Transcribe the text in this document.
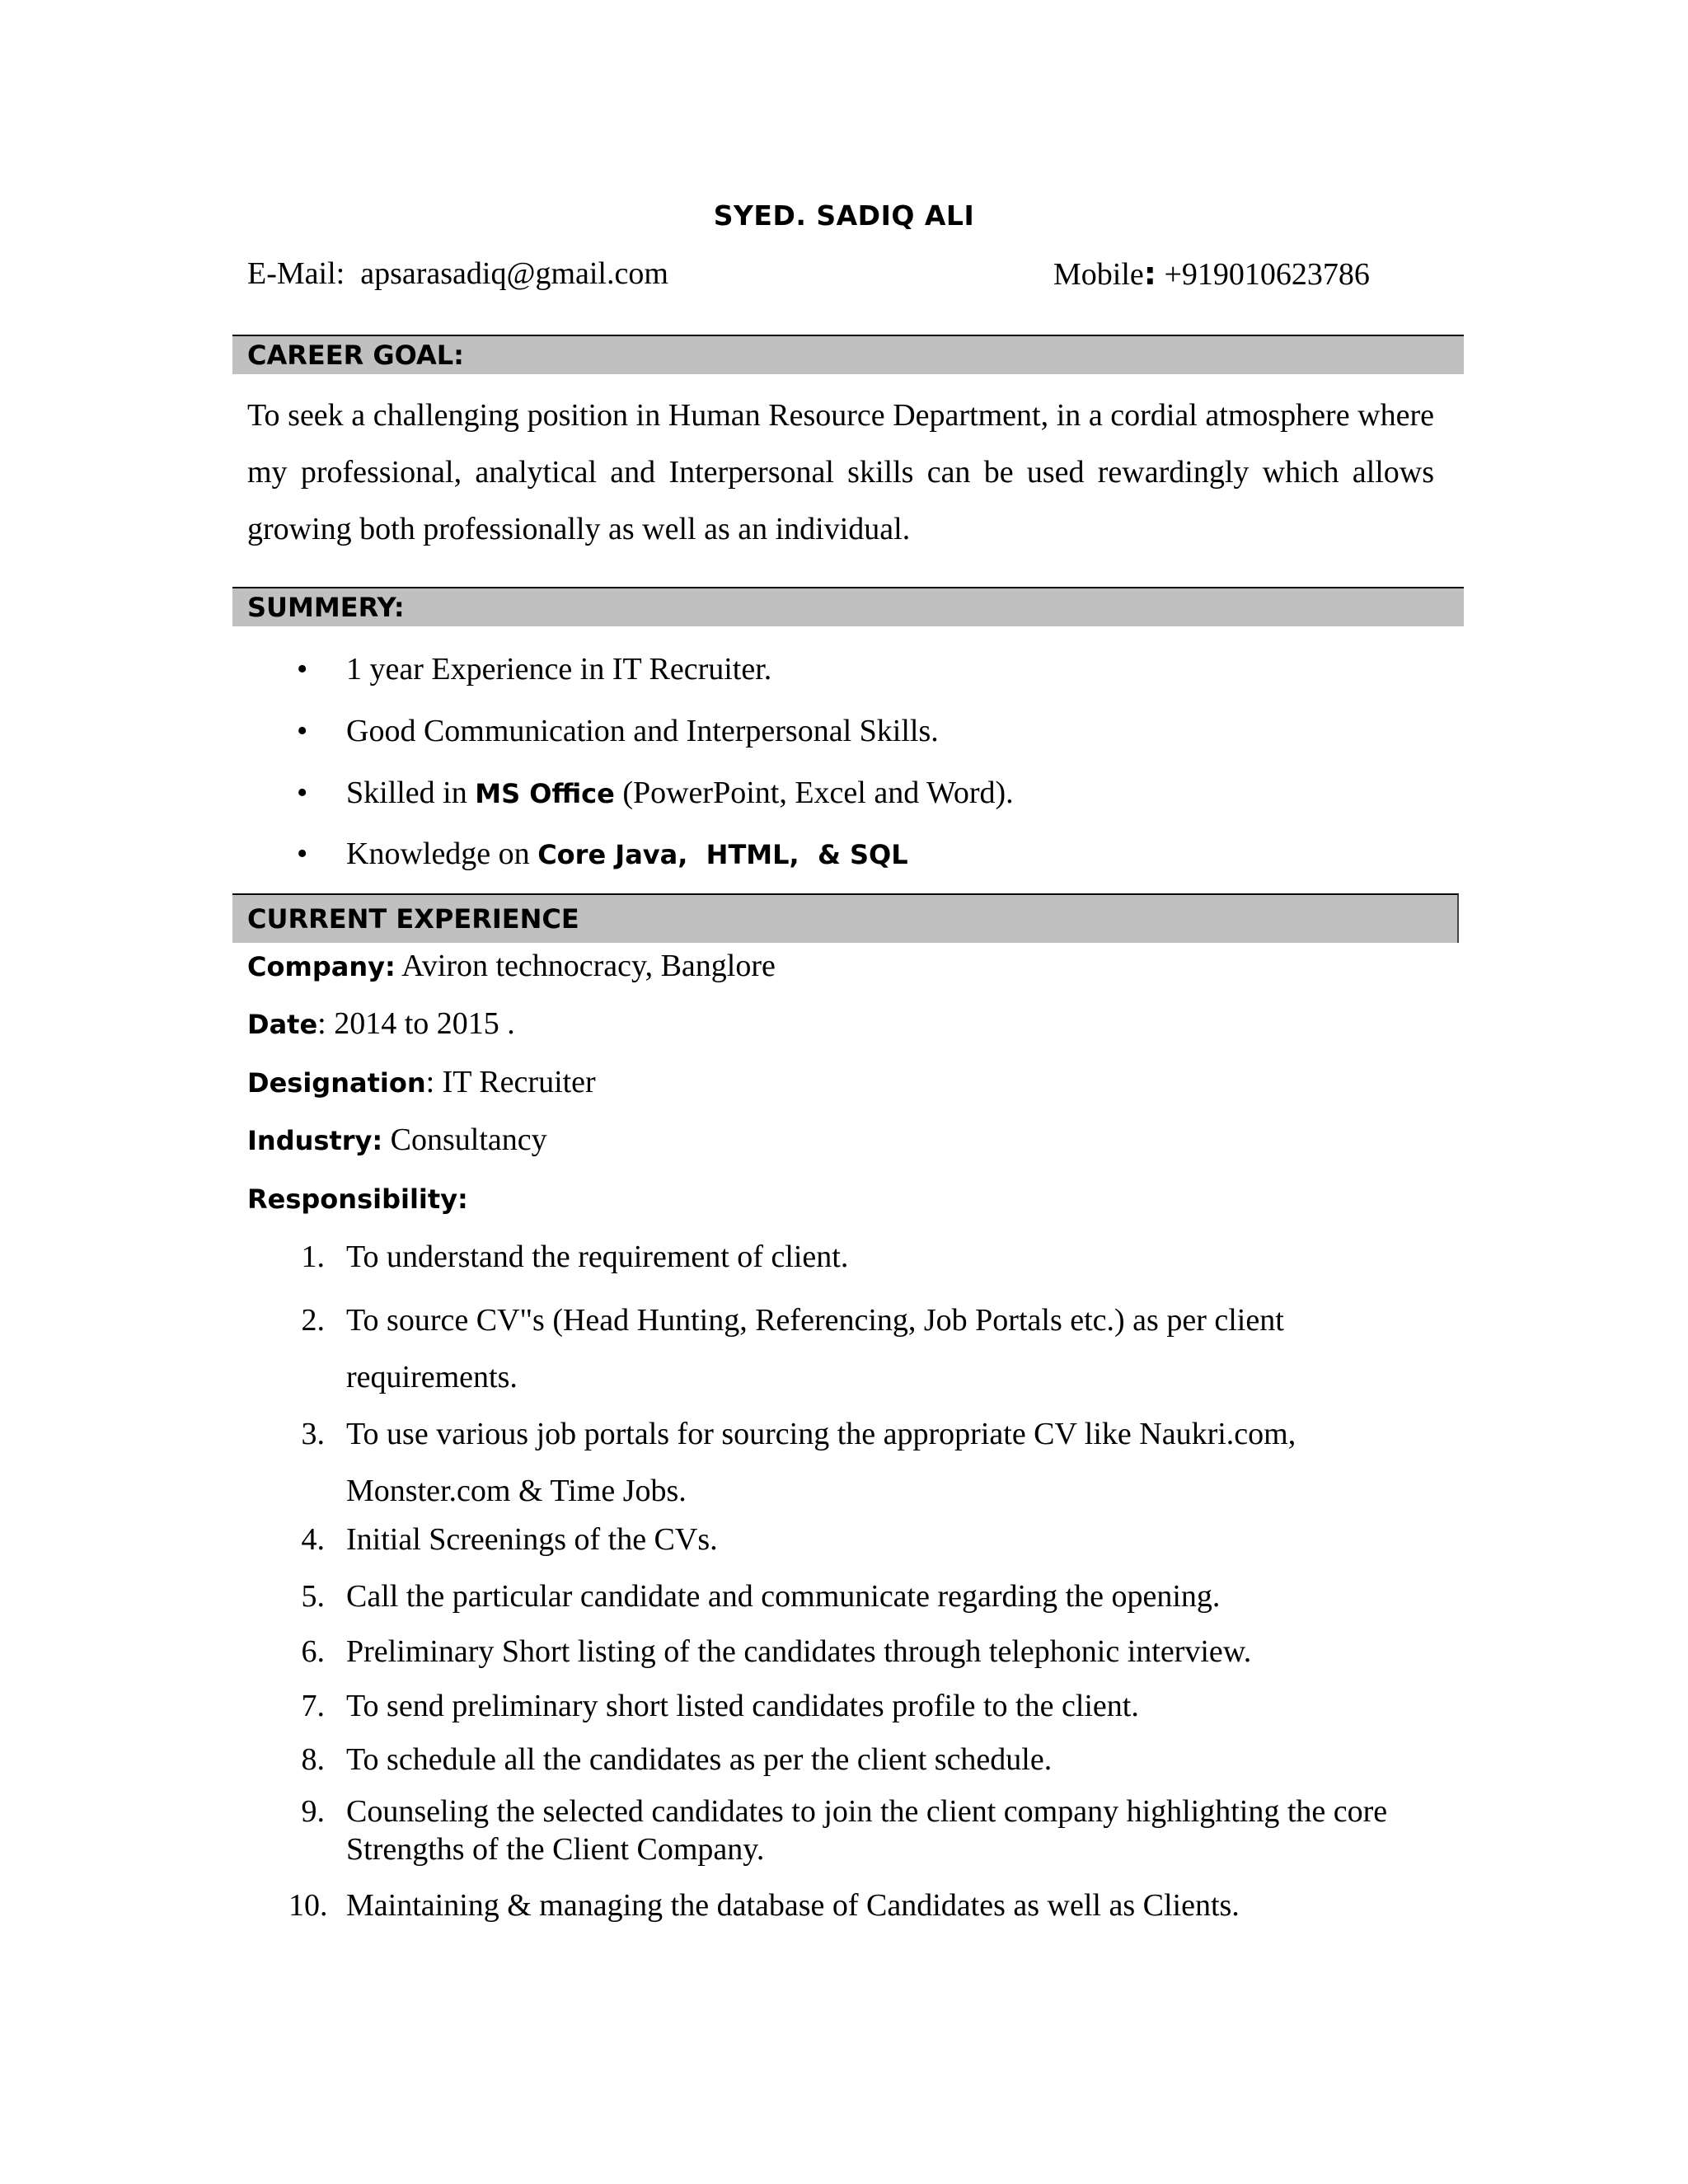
SYED. SADIQ ALI
E-Mail: apsarasadiq@gmail.com	Mobile: +919010623786
CAREER GOAL:
To seek a challenging position in Human Resource Department, in a cordial atmosphere where my professional, analytical and Interpersonal skills can be used rewardingly which allows growing both professionally as well as an individual.
SUMMERY:
• 1 year Experience in IT Recruiter.
• Good Communication and Interpersonal Skills.
• Skilled in MS Office (PowerPoint, Excel and Word).
• Knowledge on Core Java,  HTML,  & SQL
CURRENT EXPERIENCE
Company: Aviron technocracy, Banglore
Date: 2014 to 2015 .
Designation: IT Recruiter
Industry: Consultancy
Responsibility:
1. To understand the requirement of client.
2. To source CV"s (Head Hunting, Referencing, Job Portals etc.) as per client requirements.
3. To use various job portals for sourcing the appropriate CV like Naukri.com, Monster.com & Time Jobs.
4. Initial Screenings of the CVs.
5. Call the particular candidate and communicate regarding the opening.
6. Preliminary Short listing of the candidates through telephonic interview.
7. To send preliminary short listed candidates profile to the client.
8. To schedule all the candidates as per the client schedule.
9. Counseling the selected candidates to join the client company highlighting the core Strengths of the Client Company.
10. Maintaining & managing the database of Candidates as well as Clients.
